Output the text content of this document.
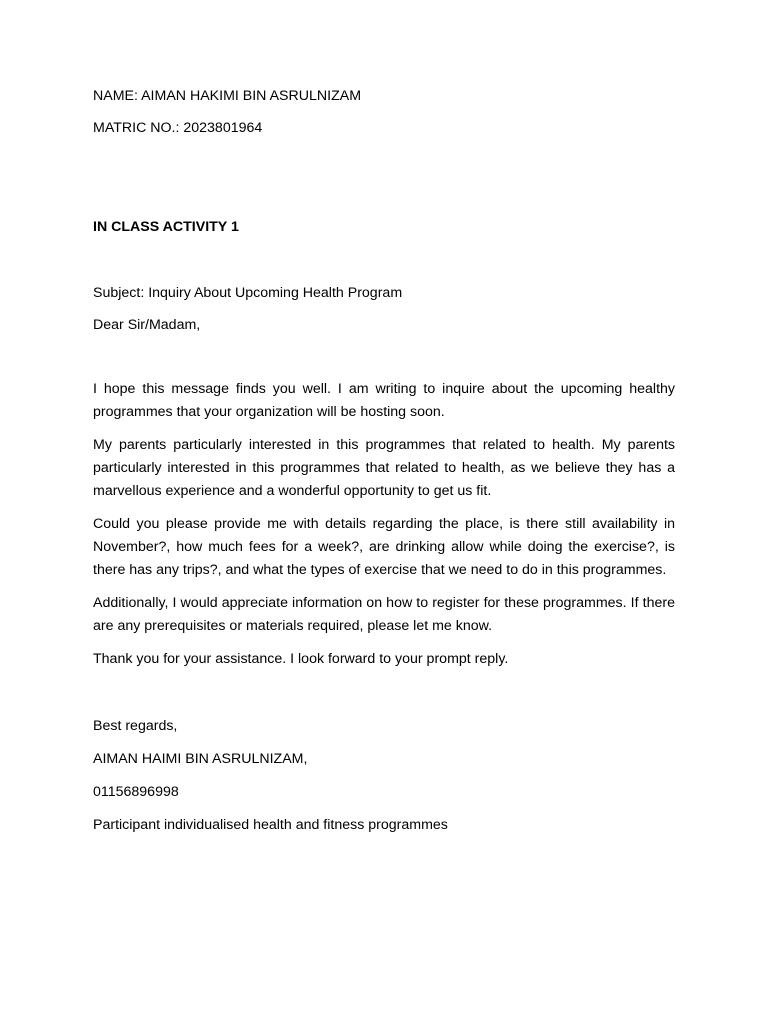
NAME: AIMAN HAKIMI BIN ASRULNIZAM
MATRIC NO.: 2023801964
IN CLASS ACTIVITY 1
Subject: Inquiry About Upcoming Health Program
Dear Sir/Madam,
I hope this message finds you well. I am writing to inquire about the upcoming healthy programmes that your organization will be hosting soon.
My parents particularly interested in this programmes that related to health. My parents particularly interested in this programmes that related to health, as we believe they has a marvellous experience and a wonderful opportunity to get us fit.
Could you please provide me with details regarding the place, is there still availability in November?, how much fees for a week?, are drinking allow while doing the exercise?, is there has any trips?, and what the types of exercise that we need to do in this programmes.
Additionally, I would appreciate information on how to register for these programmes. If there are any prerequisites or materials required, please let me know.
Thank you for your assistance. I look forward to your prompt reply.
Best regards,
AIMAN HAIMI BIN ASRULNIZAM,
01156896998
Participant individualised health and fitness programmes
